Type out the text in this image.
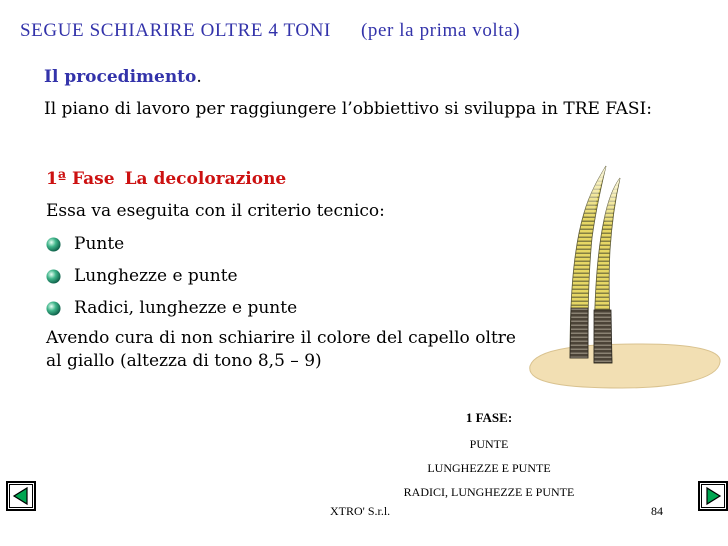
SEGUE SCHIARIRE OLTRE 4 TONI (per la prima volta)
Il procedimento.
Il piano di lavoro per raggiungere l’obbiettivo si sviluppa in TRE FASI:
1ª Fase La decolorazione
Essa va eseguita con il criterio tecnico:
Punte
Lunghezze e punte
Radici, lunghezze e punte
Avendo cura di non schiarire il colore del capello oltre al giallo (altezza di tono 8,5 – 9)
1 FASE:
PUNTE
LUNGHEZZE E PUNTE
RADICI, LUNGHEZZE E PUNTE
XTRO' S.r.l.	84
